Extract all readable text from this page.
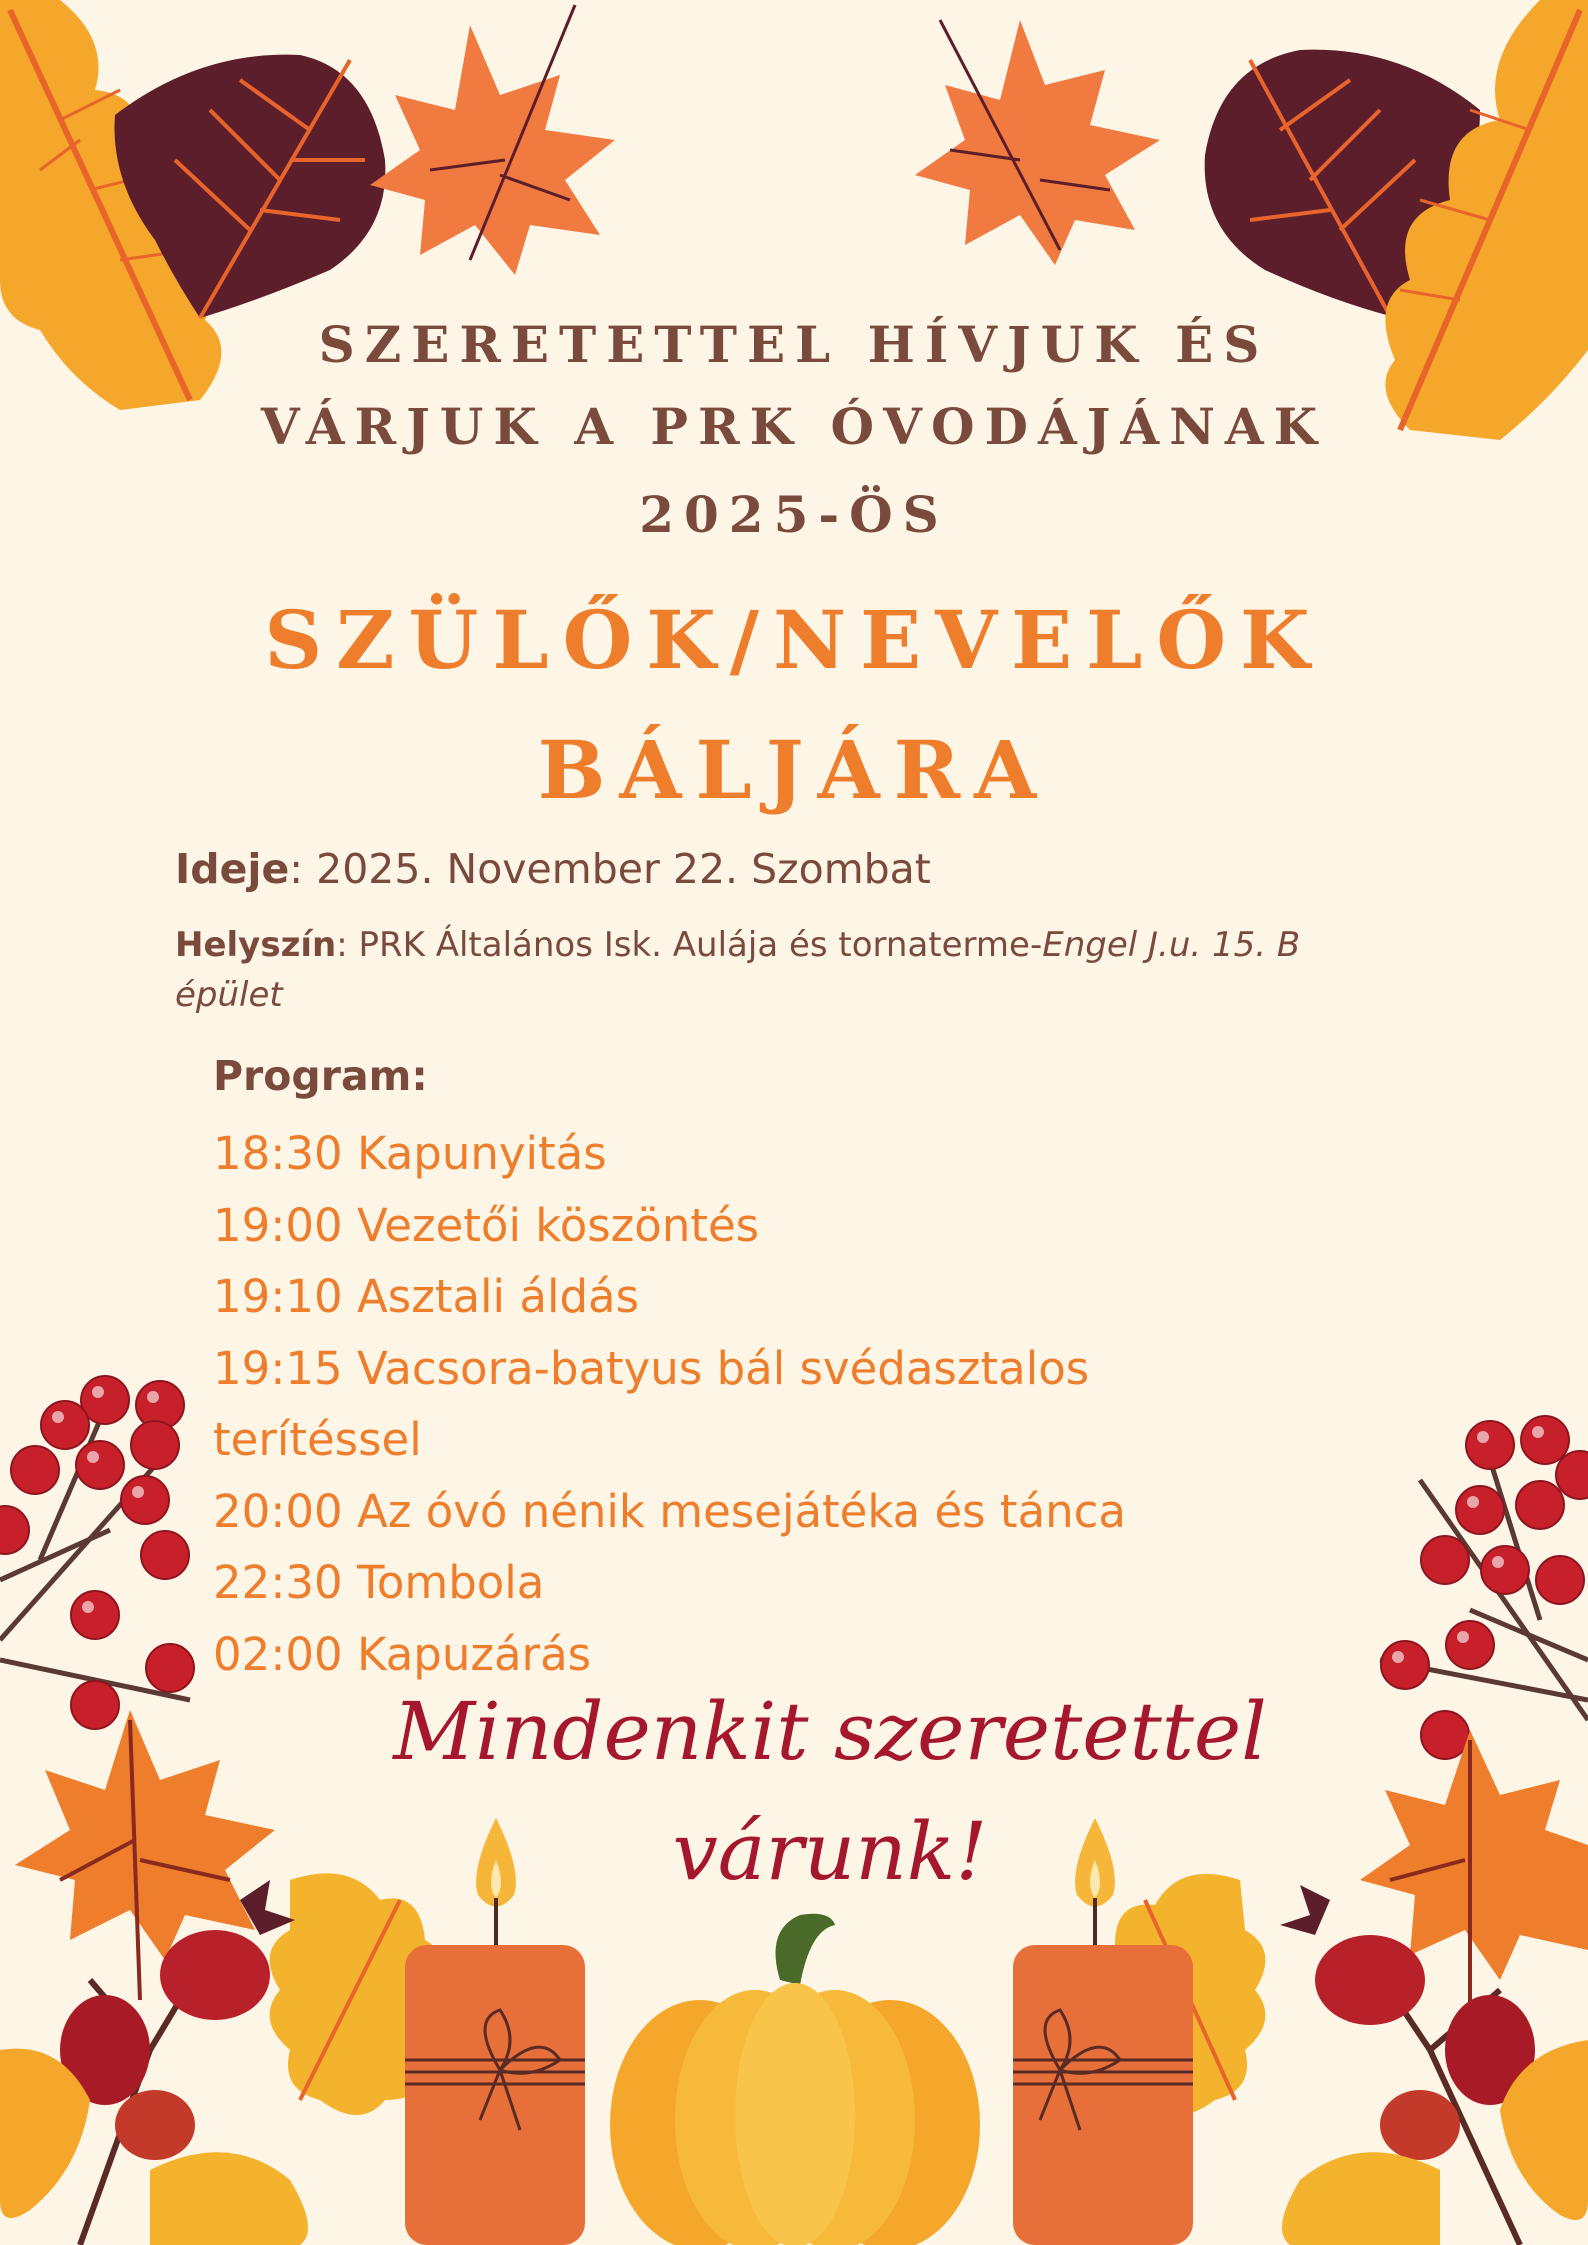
SZERETETTEL HÍVJUK ÉS
VÁRJUK A PRK ÓVODÁJÁNAK
2025-ÖS
SZÜLŐK/NEVELŐK
BÁLJÁRA
Ideje: 2025. November 22. Szombat
Helyszín: PRK Általános Isk. Aulája és tornaterme-Engel J.u. 15. B épület
Program:
18:30 Kapunyitás
19:00 Vezetői köszöntés
19:10 Asztali áldás
19:15 Vacsora-batyus bál svédasztalos
terítéssel
20:00 Az óvó nénik mesejátéka és tánca
22:30 Tombola
02:00 Kapuzárás
Mindenkit szeretettel
várunk!
